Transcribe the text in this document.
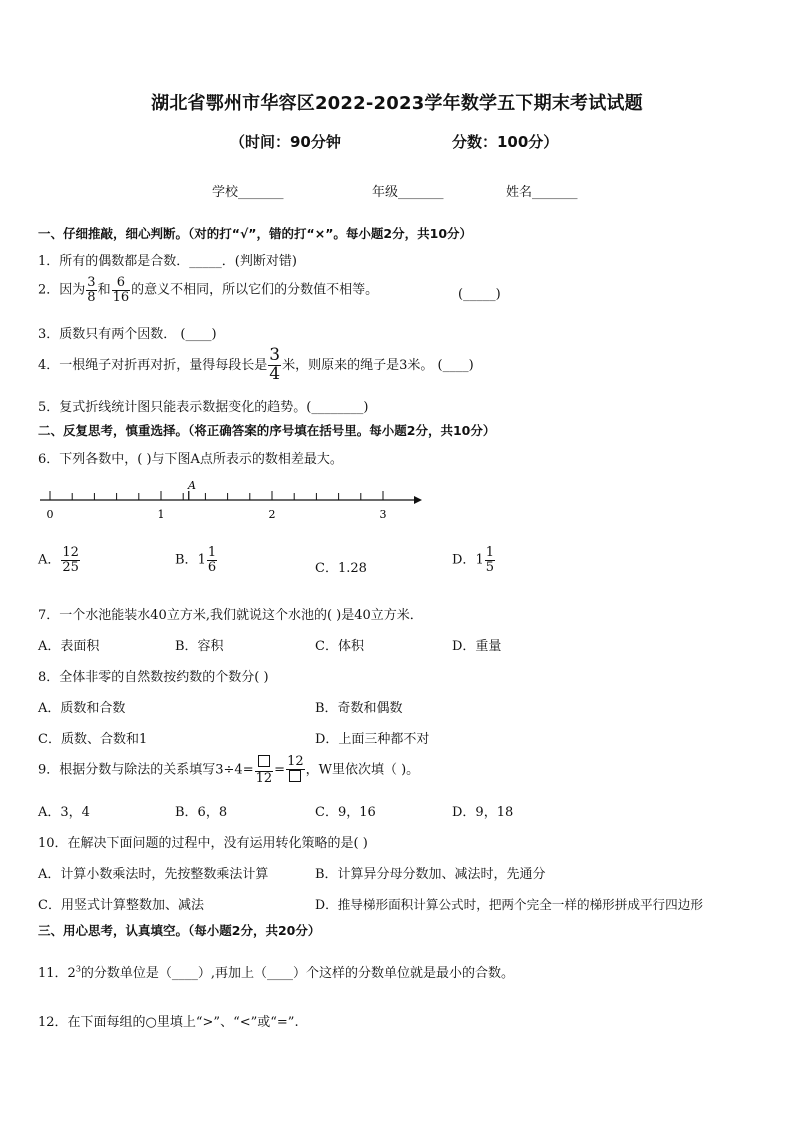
湖北省鄂州市华容区2022-2023学年数学五下期末考试试题
（时间：90分钟	分数：100分）
学校_______	年级_______	姓名_______
一、仔细推敲，细心判断。（对的打“√”，错的打“×”。每小题2分，共10分）
1．所有的偶数都是合数．_____．(判断对错)
2．因为 $\frac{3}{8}$ 和 $\frac{6}{16}$ 的意义不相同，所以它们的分数值不相等。	(_____)
3．质数只有两个因数． (____)
4．一根绳子对折再对折，量得每段长是 $\frac{3}{4}$ 米，则原来的绳子是3米。 (____)
5．复式折线统计图只能表示数据变化的趋势。(________)
二、反复思考，慎重选择。（将正确答案的序号填在括号里。每小题2分，共10分）
6．下列各数中，( )与下图A点所表示的数相差最大。
A
0	1	2	3
A． $\frac{12}{25}$	B．$1 \frac{1}{6}$	C．1.28
D．$1 \frac{1}{5}$
7．一个水池能装水40立方米,我们就说这个水池的( )是40立方米．
A．表面积	B．容积	C．体积	D．重量
8．全体非零的自然数按约数的个数分( )
A．质数和合数	B．奇数和偶数
C．质数、合数和1	D．上面三种都不对
9．根据分数与除法的关系填写3÷4=
12
=
12
，W里依次填（ )。
A．3，4	B．6，8	C．9，16	D．9，18
10．在解决下面问题的过程中，没有运用转化策略的是( )
A．计算小数乘法时，先按整数乘法计算	B．计算异分母分数加、减法时，先通分
C．用竖式计算整数加、减法	D．推导梯形面积计算公式时，把两个完全一样的梯形拼成平行四边形
三、用心思考，认真填空。（每小题2分，共20分）
11．$2^3$的分数单位是（____）,再加上（____）个这样的分数单位就是最小的合数。
12．在下面每组的○里填上“>”、“<”或“=”.
